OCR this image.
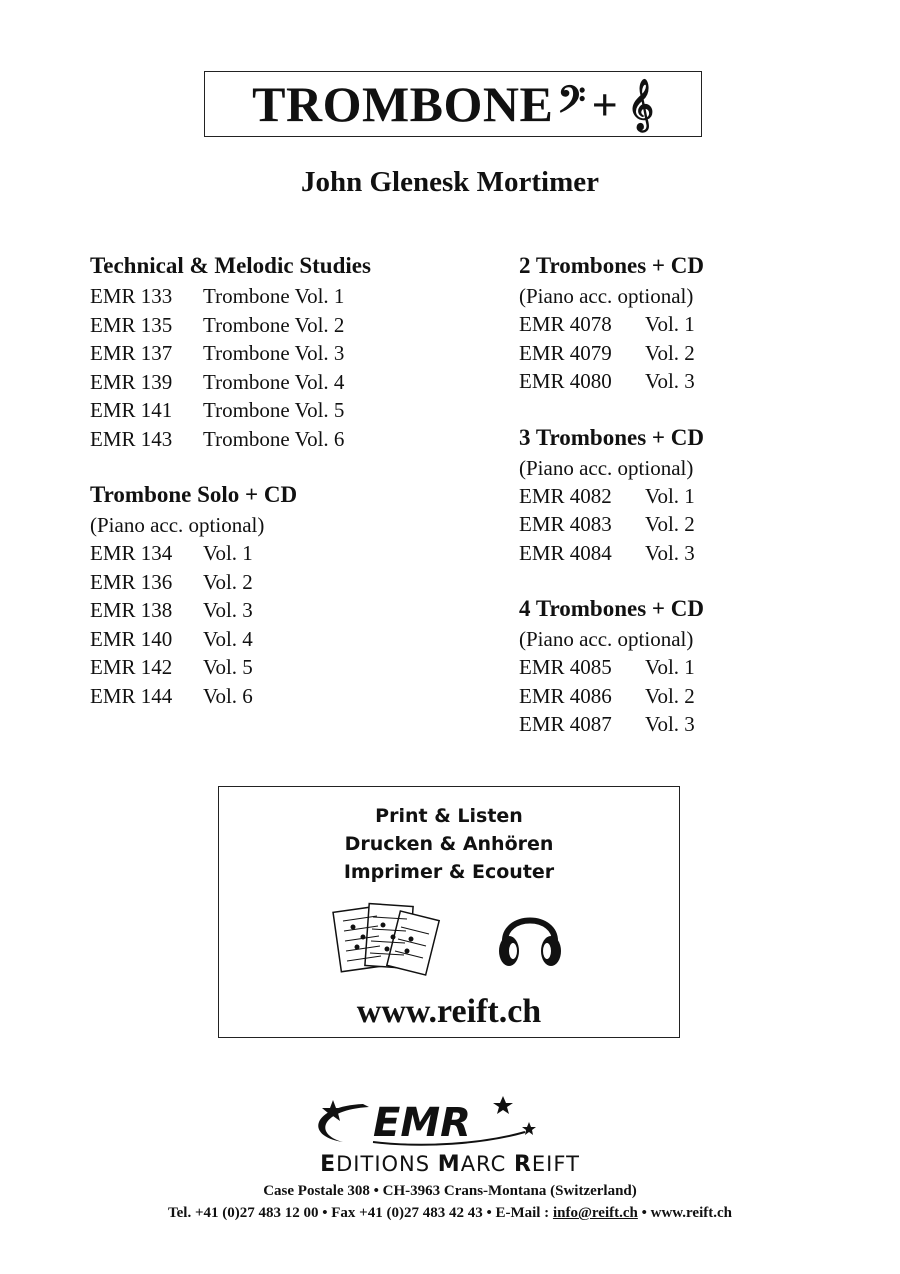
TROMBONE 𝄢 + 𝄞
John Glenesk Mortimer
Technical & Melodic Studies
EMR 133	Trombone Vol. 1
EMR 135	Trombone Vol. 2
EMR 137	Trombone Vol. 3
EMR 139	Trombone Vol. 4
EMR 141	Trombone Vol. 5
EMR 143	Trombone Vol. 6
Trombone Solo + CD
(Piano acc. optional)
EMR 134	Vol. 1
EMR 136	Vol. 2
EMR 138	Vol. 3
EMR 140	Vol. 4
EMR 142	Vol. 5
EMR 144	Vol. 6
2 Trombones + CD
(Piano acc. optional)
EMR 4078	Vol. 1
EMR 4079	Vol. 2
EMR 4080	Vol. 3
3 Trombones + CD
(Piano acc. optional)
EMR 4082	Vol. 1
EMR 4083	Vol. 2
EMR 4084	Vol. 3
4 Trombones + CD
(Piano acc. optional)
EMR 4085	Vol. 1
EMR 4086	Vol. 2
EMR 4087	Vol. 3
Print & Listen
Drucken & Anhören
Imprimer & Ecouter
www.reift.ch
EMR
EDITIONS MARC REIFT
Case Postale 308 • CH-3963 Crans-Montana (Switzerland)
Tel. +41 (0)27 483 12 00 • Fax +41 (0)27 483 42 43 • E-Mail : info@reift.ch • www.reift.ch
